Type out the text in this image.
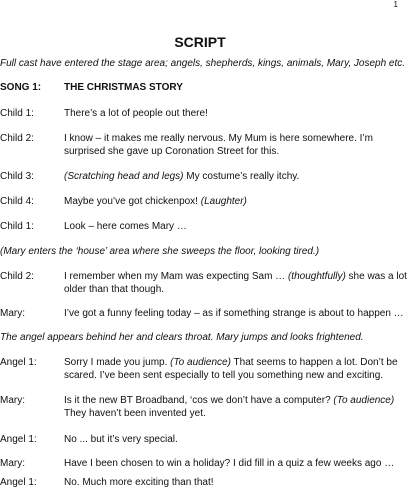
1
SCRIPT
Full cast have entered the stage area; angels, shepherds, kings, animals, Mary, Joseph etc.
SONG 1: THE CHRISTMAS STORY
Child 1:	There’s a lot of people out there!
Child 2:	I know – it makes me really nervous. My Mum is here somewhere. I’m
surprised she gave up Coronation Street for this.
Child 3:	(Scratching head and legs) My costume’s really itchy.
Child 4:	Maybe you’ve got chickenpox! (Laughter)
Child 1:	Look – here comes Mary …
(Mary enters the ‘house’ area where she sweeps the floor, looking tired.)
Child 2:	I remember when my Mam was expecting Sam … (thoughtfully) she was a lot
older than that though.
Mary:	I’ve got a funny feeling today – as if something strange is about to happen …
The angel appears behind her and clears throat. Mary jumps and looks frightened.
Angel 1:	Sorry I made you jump. (To audience) That seems to happen a lot. Don’t be
scared. I’ve been sent especially to tell you something new and exciting.
Mary:	Is it the new BT Broadband, ‘cos we don’t have a computer? (To audience)
They haven’t been invented yet.
Angel 1:	No ... but it’s very special.
Mary:	Have I been chosen to win a holiday? I did fill in a quiz a few weeks ago …
Angel 1:	No. Much more exciting than that!
